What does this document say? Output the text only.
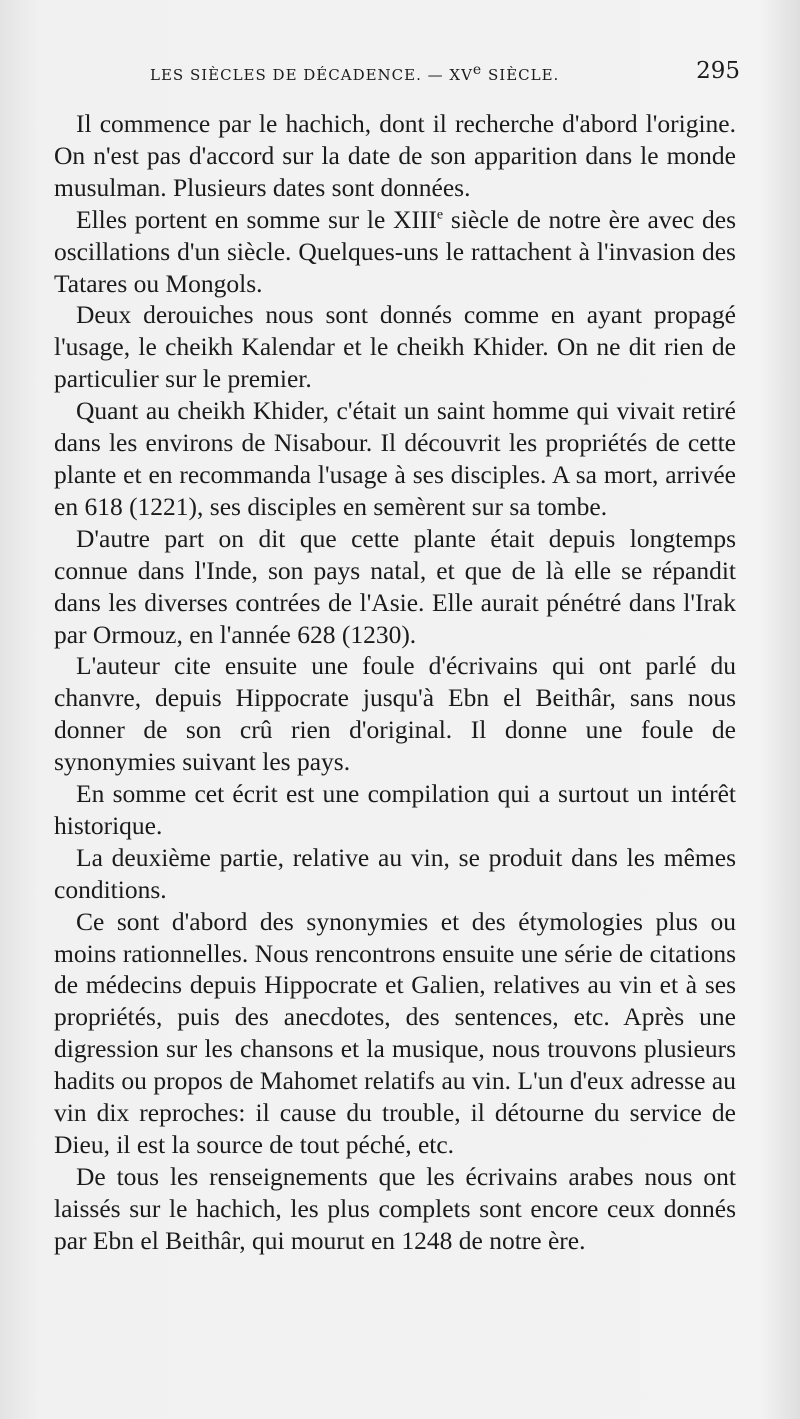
LES SIÈCLES DE DÉCADENCE. — XVe SIÈCLE.	295

Il commence par le hachich, dont il recherche d'abord l'origine. On n'est pas d'accord sur la date de son apparition dans le monde musulman. Plusieurs dates sont données.

Elles portent en somme sur le XIIIe siècle de notre ère avec des oscillations d'un siècle. Quelques-uns le rattachent à l'invasion des Tatares ou Mongols.

Deux derouiches nous sont donnés comme en ayant propagé l'usage, le cheikh Kalendar et le cheikh Khider. On ne dit rien de particulier sur le premier.

Quant au cheikh Khider, c'était un saint homme qui vivait retiré dans les environs de Nisabour. Il découvrit les propriétés de cette plante et en recommanda l'usage à ses disciples. A sa mort, arrivée en 618 (1221), ses disciples en semèrent sur sa tombe.

D'autre part on dit que cette plante était depuis longtemps connue dans l'Inde, son pays natal, et que de là elle se répandit dans les diverses contrées de l'Asie. Elle aurait pénétré dans l'Irak par Ormouz, en l'année 628 (1230).

L'auteur cite ensuite une foule d'écrivains qui ont parlé du chanvre, depuis Hippocrate jusqu'à Ebn el Beithâr, sans nous donner de son crû rien d'original. Il donne une foule de synonymies suivant les pays.

En somme cet écrit est une compilation qui a surtout un intérêt historique.

La deuxième partie, relative au vin, se produit dans les mêmes conditions.

Ce sont d'abord des synonymies et des étymologies plus ou moins rationnelles. Nous rencontrons ensuite une série de citations de médecins depuis Hippocrate et Galien, relatives au vin et à ses propriétés, puis des anecdotes, des sentences, etc. Après une digression sur les chansons et la musique, nous trouvons plusieurs hadits ou propos de Mahomet relatifs au vin. L'un d'eux adresse au vin dix reproches: il cause du trouble, il détourne du service de Dieu, il est la source de tout péché, etc.

De tous les renseignements que les écrivains arabes nous ont laissés sur le hachich, les plus complets sont encore ceux donnés par Ebn el Beithâr, qui mourut en 1248 de notre ère.
